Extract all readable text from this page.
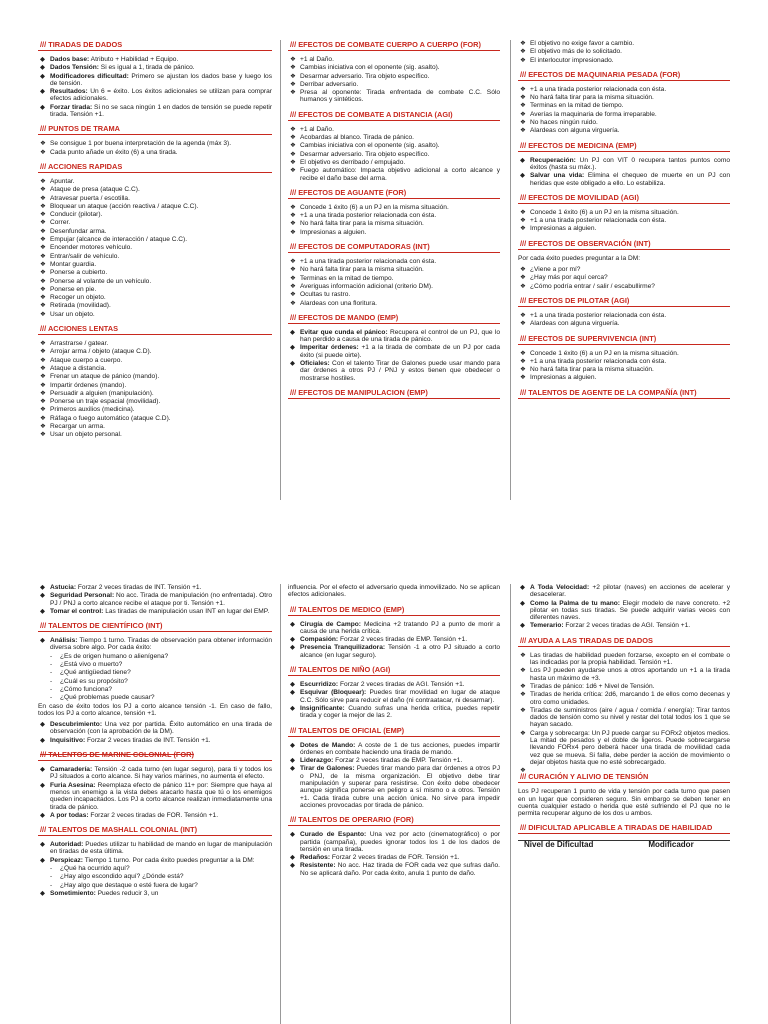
/// TIRADAS DE DADOS
◆ Dados base: Atributo + Habilidad + Equipo.
◆ Dados Tensión: Si es igual a 1, tirada de pánico.
◆ Modificadores dificultad: Primero se ajustan los dados base y luego los de tensión.
◆ Resultados: Un 6 = éxito. Los éxitos adicionales se utilizan para comprar efectos adicionales.
◆ Forzar tirada: Si no se saca ningún 1 en dados de tensión se puede repetir tirada. Tensión +1.
/// PUNTOS DE TRAMA
❖ Se consigue 1 por buena interpretación de la agenda (máx 3).
❖ Cada punto añade un éxito (6) a una tirada.
/// ACCIONES RAPIDAS
❖ Apuntar.
❖ Ataque de presa (ataque C.C).
❖ Atravesar puerta / escotilla.
❖ Bloquear un ataque (acción reactiva / ataque C.C).
❖ Conducir (pilotar).
❖ Correr.
❖ Desenfundar arma.
❖ Empujar (alcance de interacción / ataque C.C).
❖ Encender motores vehículo.
❖ Entrar/salir de vehículo.
❖ Montar guardia.
❖ Ponerse a cubierto.
❖ Ponerse al volante de un vehículo.
❖ Ponerse en pie.
❖ Recoger un objeto.
❖ Retirada (movilidad).
❖ Usar un objeto.
/// ACCIONES LENTAS
❖ Arrastrarse / gatear.
❖ Arrojar arma / objeto (ataque C.D).
❖ Ataque cuerpo a cuerpo.
❖ Ataque a distancia.
❖ Frenar un ataque de pánico (mando).
❖ Impartir órdenes (mando).
❖ Persuadir a alguien (manipulación).
❖ Ponerse un traje espacial (movilidad).
❖ Primeros auxilios (medicina).
❖ Ráfaga o fuego automático (ataque C.D).
❖ Recargar un arma.
❖ Usar un objeto personal.
/// EFECTOS DE COMBATE CUERPO A CUERPO (FOR)
❖ +1 al Daño.
❖ Cambias iniciativa con el oponente (sig. asalto).
❖ Desarmar adversario. Tira objeto específico.
❖ Derribar adversario.
❖ Presa al oponente: Tirada enfrentada de combate C.C. Sólo humanos y sintéticos.
/// EFECTOS DE COMBATE A DISTANCIA (AGI)
❖ +1 al Daño.
❖ Acobardas al blanco. Tirada de pánico.
❖ Cambias iniciativa con el oponente (sig. asalto).
❖ Desarmar adversario. Tira objeto específico.
❖ El objetivo es derribado / empujado.
❖ Fuego automático: Impacta objetivo adicional a corto alcance y recibe el daño base del arma.
/// EFECTOS DE AGUANTE (FOR)
❖ Concede 1 éxito (6) a un PJ en la misma situación.
❖ +1 a una tirada posterior relacionada con ésta.
❖ No hará falta tirar para la misma situación.
❖ Impresionas a alguien.
/// EFECTOS DE COMPUTADORAS (INT)
❖ +1 a una tirada posterior relacionada con ésta.
❖ No hará falta tirar para la misma situación.
❖ Terminas en la mitad de tiempo.
❖ Averiguas información adicional (criterio DM).
❖ Ocultas tu rastro.
❖ Alardeas con una floritura.
/// EFECTOS DE MANDO (EMP)
◆ Evitar que cunda el pánico: Recupera el control de un PJ, que lo han perdido a causa de una tirada de pánico.
◆ Imperitar órdenes: +1 a la tirada de combate de un PJ por cada éxito (si puede oirte).
◆ Oficiales: Con el talento Tirar de Galones puede usar mando para dar órdenes a otros PJ / PNJ y estos tienen que obedecer o mostrarse hostiles.
/// EFECTOS DE MANIPULACION (EMP)
❖ El objetivo no exige favor a cambio.
❖ El objetivo más de lo solicitado.
❖ El interlocutor impresionado.
/// EFECTOS DE MAQUINARIA PESADA (FOR)
❖ +1 a una tirada posterior relacionada con ésta.
❖ No hará falta tirar para la misma situación.
❖ Terminas en la mitad de tiempo.
❖ Averías la maquinaria de forma irreparable.
❖ No haces ningún ruido.
❖ Alardeas con alguna virguería.
/// EFECTOS DE MEDICINA (EMP)
◆ Recuperación: Un PJ con VIT 0 recupera tantos puntos como éxitos (hasta su máx.).
◆ Salvar una vida: Elimina el chequeo de muerte en un PJ con heridas que este obligado a ello. Lo estabiliza.
/// EFECTOS DE MOVILIDAD (AGI)
❖ Concede 1 éxito (6) a un PJ en la misma situación.
❖ +1 a una tirada posterior relacionada con ésta.
❖ Impresionas a alguien.
/// EFECTOS DE OBSERVACIÓN (INT)
Por cada éxito puedes preguntar a la DM:
❖ ¿Viene a por mí?
❖ ¿Hay más por aquí cerca?
❖ ¿Cómo podría entrar / salir / escabullirme?
/// EFECTOS DE PILOTAR (AGI)
❖ +1 a una tirada posterior relacionada con ésta.
❖ Alardeas con alguna virguería.
/// EFECTOS DE SUPERVIVENCIA (INT)
❖ Concede 1 éxito (6) a un PJ en la misma situación.
❖ +1 a una tirada posterior relacionada con ésta.
❖ No hará falta tirar para la misma situación.
❖ Impresionas a alguien.
/// TALENTOS DE AGENTE DE LA COMPAÑÍA (INT)
◆ Astucia: Forzar 2 veces tiradas de INT. Tensión +1.
◆ Seguridad Personal: No acc. Tirada de manipulación (no enfrentada). Otro PJ / PNJ a corto alcance recibe el ataque por ti. Tensión +1.
◆ Tomar el control: Las tiradas de manipulación usan INT en lugar del EMP.
/// TALENTOS DE CIENTÍFICO (INT)
◆ Análisis: Tiempo 1 turno. Tiradas de observación para obtener información diversa sobre algo. Por cada éxito:
- ¿Es de origen humano o alienígena?
- ¿Está vivo o muerto?
- ¿Qué antigüedad tiene?
- ¿Cuál es su propósito?
- ¿Cómo funciona?
- ¿Qué problemas puede causar?
En caso de éxito todos los PJ a corto alcance tensión -1. En caso de fallo, todos los PJ a corto alcance, tensión +1.
◆ Descubrimiento: Una vez por partida. Éxito automático en una tirada de observación (con la aprobación de la DM).
◆ Inquisitivo: Forzar 2 veces tiradas de INT. Tensión +1.
/// TALENTOS DE MARINE COLONIAL (FOR)
◆ Camaradería: Tensión -2 cada turno (en lugar seguro), para ti y todos los PJ situados a corto alcance. Si hay varios marines, no aumenta el efecto.
◆ Furia Asesina: Reemplaza efecto de pánico 11+ por: Siempre que haya al menos un enemigo a la vista debes atacarlo hasta que tú o los enemigos queden incapacitados. Los PJ a corto alcance realizan inmediatamente una tirada de pánico.
◆ A por todas: Forzar 2 veces tiradas de FOR. Tensión +1.
/// TALENTOS DE MASHALL COLONIAL (INT)
◆ Autoridad: Puedes utilizar tu habilidad de mando en lugar de manipulación en tiradas de esta última.
◆ Perspicaz: Tiempo 1 turno. Por cada éxito puedes preguntar a la DM:
- ¿Qué ha ocurrido aquí?
- ¿Hay algo escondido aquí? ¿Dónde está?
- ¿Hay algo que destaque o esté fuera de lugar?
◆ Sometimiento: Puedes reducir 3, un
influencia. Por el efecto el adversario queda inmovilizado. No se aplican efectos adicionales.
/// TALENTOS DE MEDICO (EMP)
◆ Cirugía de Campo: Medicina +2 tratando PJ a punto de morir a causa de una herida crítica.
◆ Compasión: Forzar 2 veces tiradas de EMP. Tensión +1.
◆ Presencia Tranquilizadora: Tensión -1 a otro PJ situado a corto alcance (en lugar seguro).
/// TALENTOS DE NIÑO (AGI)
◆ Escurridizo: Forzar 2 veces tiradas de AGI. Tensión +1.
◆ Esquivar (Bloquear): Puedes tirar movilidad en lugar de ataque C.C. Sólo sirve para reducir el daño (ni contraatacar, ni desarmar).
◆ Insignificante: Cuando sufras una herida crítica, puedes repetir tirada y coger la mejor de las 2.
/// TALENTOS DE OFICIAL (EMP)
◆ Dotes de Mando: A coste de 1 de tus acciones, puedes impartir órdenes en combate haciendo una tirada de mando.
◆ Liderazgo: Forzar 2 veces tiradas de EMP. Tensión +1.
◆ Tirar de Galones: Puedes tirar mando para dar órdenes a otros PJ o PNJ, de la misma organización. El objetivo debe tirar manipulación y superar para resistirse. Con éxito debe obedecer aunque significa ponerse en peligro a sí mismo o a otros. Tensión +1. Cada tirada cubre una acción única. No sirve para impedir acciones provocadas por tirada de pánico.
/// TALENTOS DE OPERARIO (FOR)
◆ Curado de Espanto: Una vez por acto (cinematográfico) o por partida (campaña), puedes ignorar todos los 1 de los dados de tensión en una tirada.
◆ Redaños: Forzar 2 veces tiradas de FOR. Tensión +1.
◆ Resistente: No acc. Haz tirada de FOR cada vez que sufras daño. No se aplicará daño. Por cada éxito, anula 1 punto de daño.
◆ A Toda Velocidad: +2 pilotar (naves) en acciones de acelerar y desacelerar.
◆ Como la Palma de tu mano: Elegir modelo de nave concreto. +2 pilotar en todas sus tiradas. Se puede adquirir varias veces con diferentes naves.
◆ Temerario: Forzar 2 veces tiradas de AGI. Tensión +1.
/// AYUDA A LAS TIRADAS DE DADOS
❖ Las tiradas de habilidad pueden forzarse, excepto en el combate o las indicadas por la propia habilidad. Tensión +1.
❖ Los PJ pueden ayudarse unos a otros aportando un +1 a la tirada hasta un máximo de +3.
❖ Tiradas de pánico: 1d6 + Nivel de Tensión.
❖ Tiradas de herida crítica: 2d6, marcando 1 de ellos como decenas y otro como unidades.
❖ Tiradas de suministros (aire / agua / comida / energía): Tirar tantos dados de tensión como su nivel y restar del total todos los 1 que se hayan sacado.
❖ Carga y sobrecarga: Un PJ puede cargar su FORx2 objetos medios. La mitad de pesados y el doble de ligeros. Puede sobrecargarse llevando FORx4 pero deberá hacer una tirada de movilidad cada vez que se mueva. Si falla, debe perder la acción de movimiento o dejar objetos hasta que no esté sobrecargado.
❖
/// CURACIÓN Y ALIVIO DE TENSIÓN
Los PJ recuperan 1 punto de vida y tensión por cada turno que pasen en un lugar que consideren seguro. Sin embargo se deben tener en cuenta cualquier estado o herida que esté sufriendo el PJ que no le permita recuperar alguno de los dos u ambos.
/// DIFICULTAD APLICABLE A TIRADAS DE HABILIDAD
Nivel de Dificultad	Modificador
